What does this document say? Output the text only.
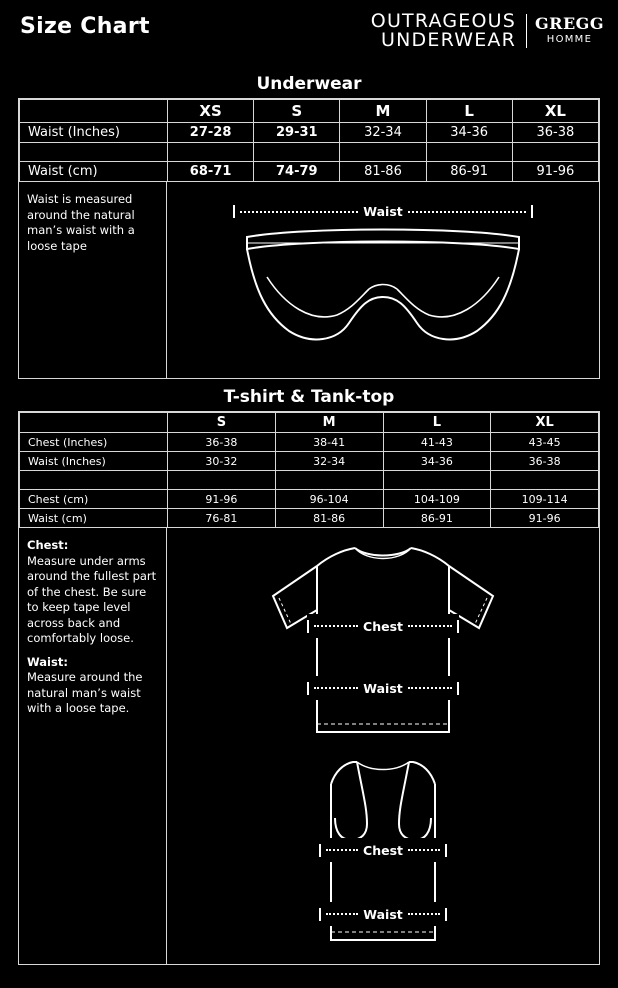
Size Chart	OUTRAGEOUS
UNDERWEAR
GREGG
HOMME
Underwear
	XS	S	M	L	XL
Waist (Inches)	27-28	29-31	32-34	34-36	36-38

Waist (cm)	68-71	74-79	81-86	86-91	91-96

Waist is measured around the natural man’s waist with a loose tape

Waist
T-shirt & Tank-top
	S	M	L	XL
Chest (Inches)	36-38	38-41	41-43	43-45
Waist (Inches)	30-32	32-34	34-36	36-38

Chest (cm)	91-96	96-104	104-109	109-114
Waist (cm)	76-81	81-86	86-91	91-96

Chest:
Measure under arms around the fullest part of the chest. Be sure to keep tape level across back and comfortably loose.

Waist:
Measure around the natural man’s waist with a loose tape.

Chest
Waist
Chest
Waist
